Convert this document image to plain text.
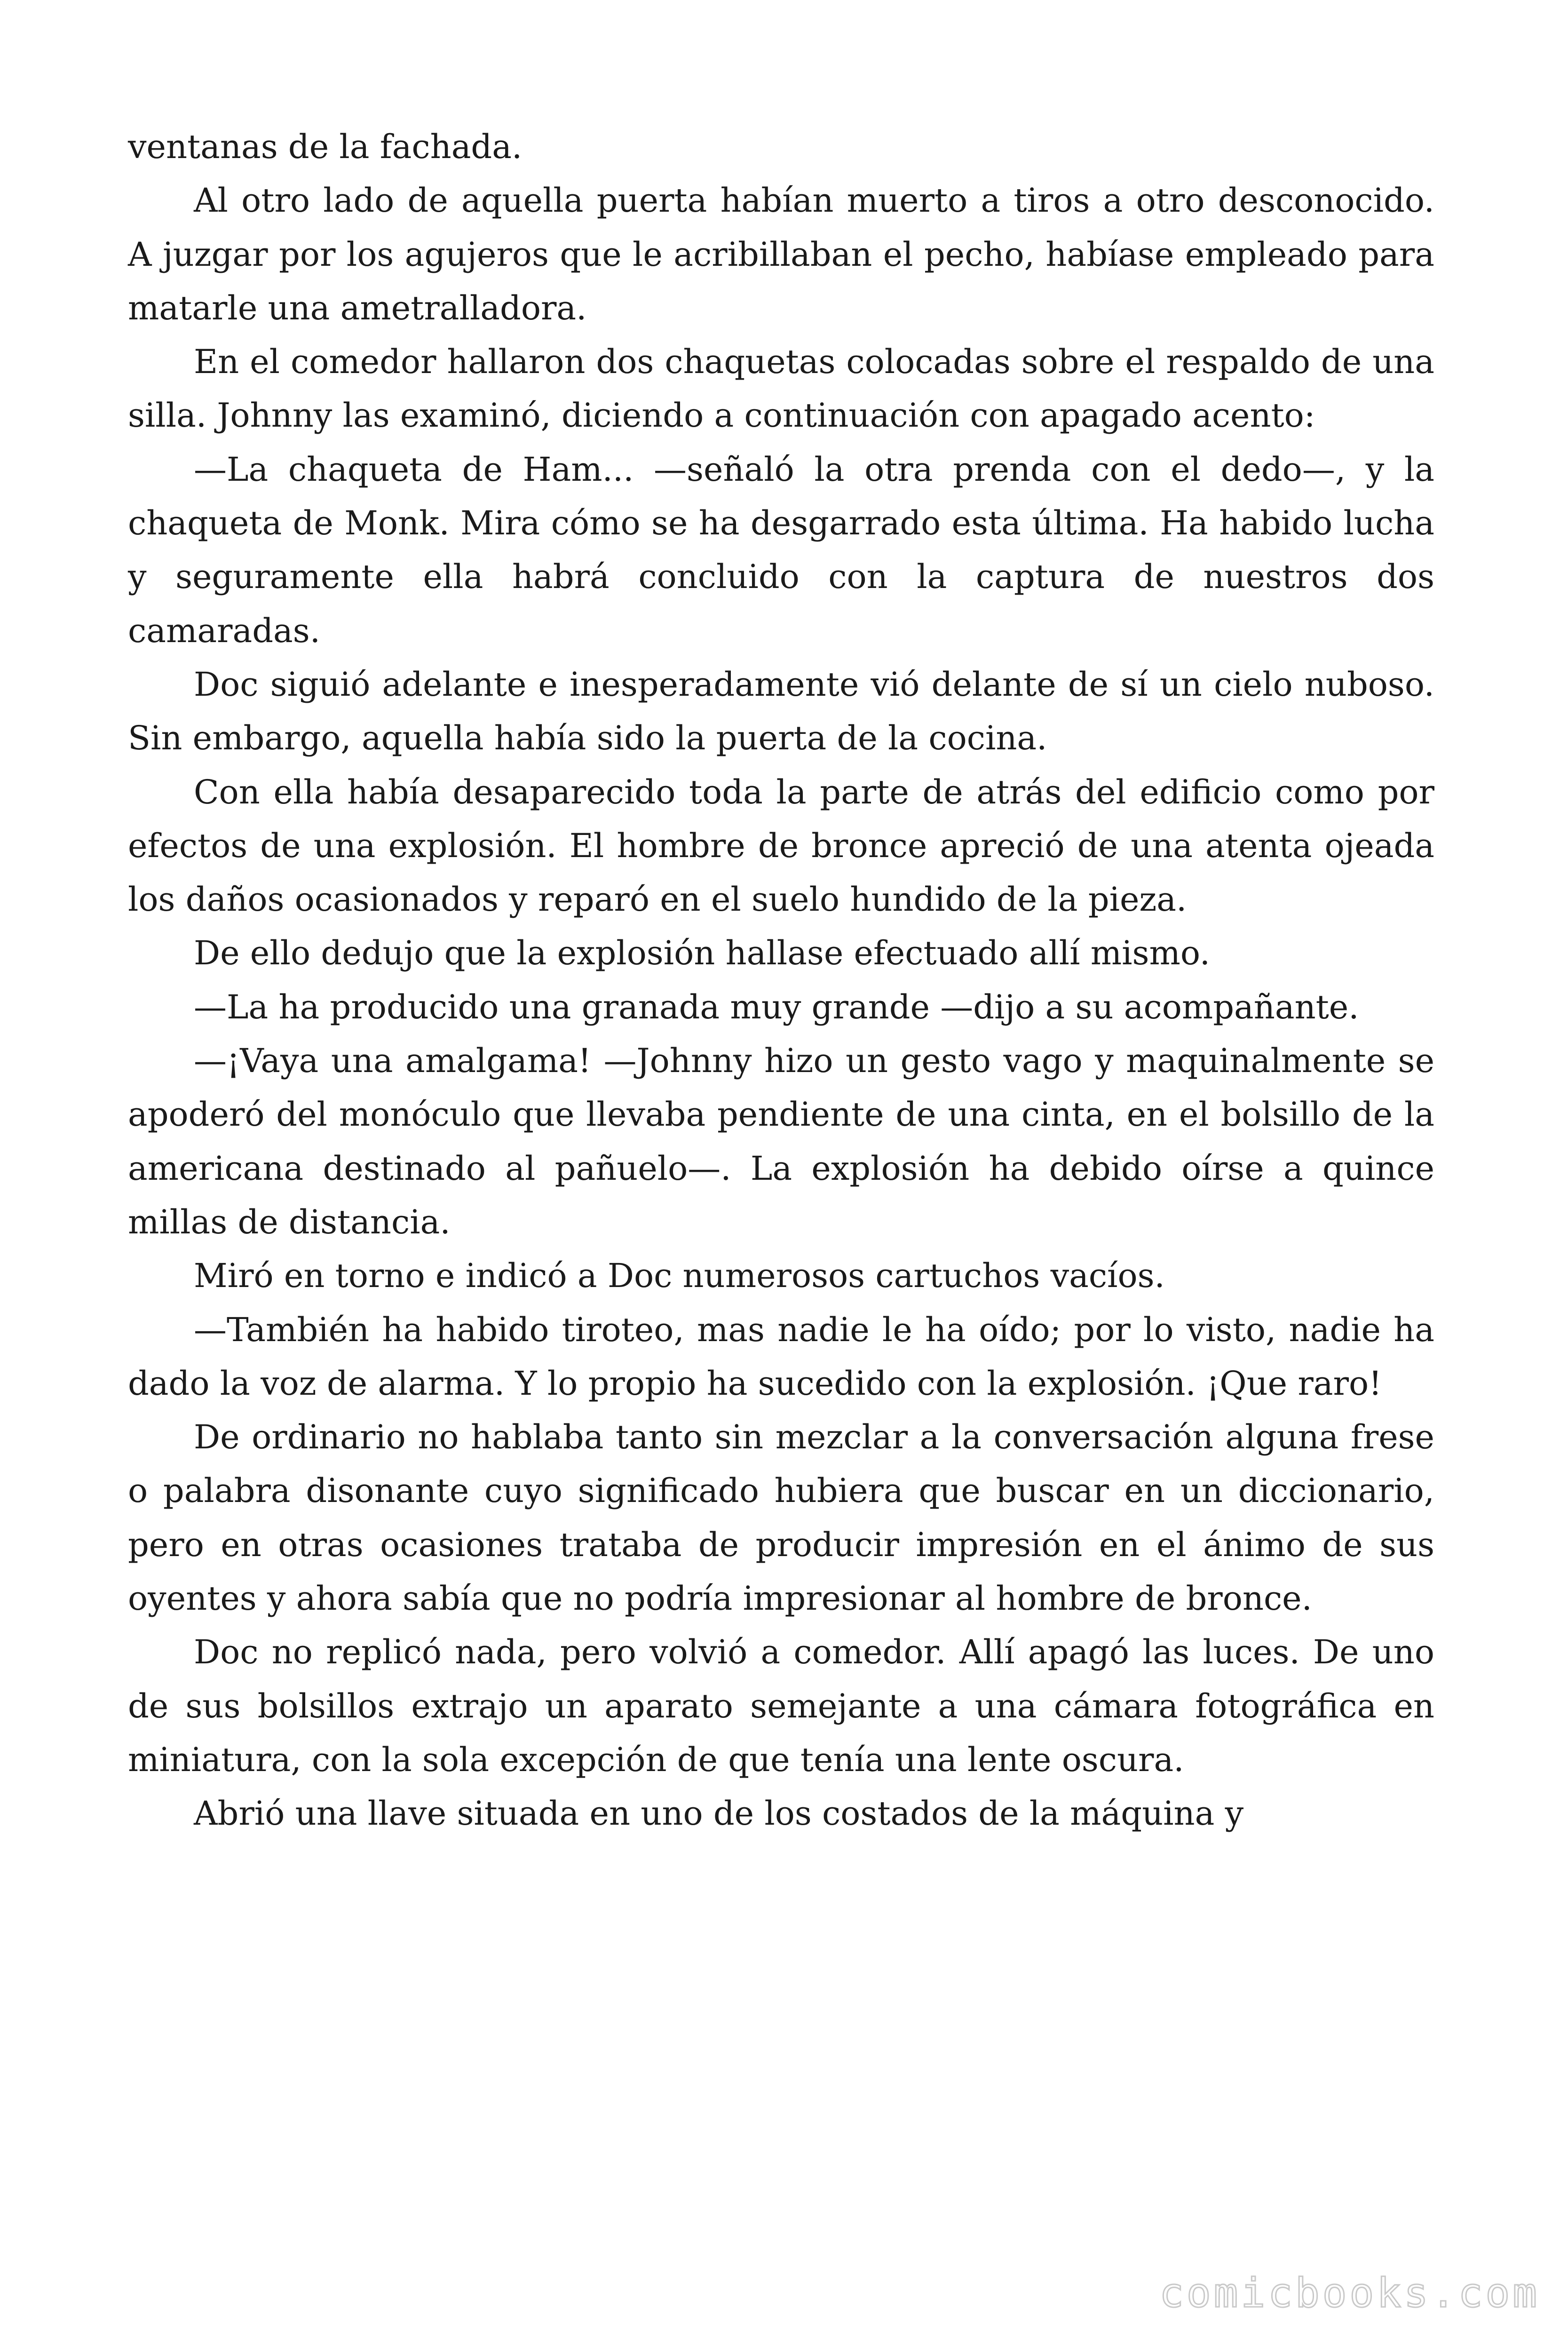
ventanas de la fachada.

Al otro lado de aquella puerta habían muerto a tiros a otro desconocido. A juzgar por los agujeros que le acribillaban el pecho, habíase empleado para matarle una ametralladora.

En el comedor hallaron dos chaquetas colocadas sobre el respaldo de una silla. Johnny las examinó, diciendo a continuación con apagado acento:

—La chaqueta de Ham... —señaló la otra prenda con el dedo—, y la chaqueta de Monk. Mira cómo se ha desgarrado esta última. Ha habido lucha y seguramente ella habrá concluido con la captura de nuestros dos camaradas.

Doc siguió adelante e inesperadamente vió delante de sí un cielo nuboso. Sin embargo, aquella había sido la puerta de la cocina.

Con ella había desaparecido toda la parte de atrás del edificio como por efectos de una explosión. El hombre de bronce apreció de una atenta ojeada los daños ocasionados y reparó en el suelo hundido de la pieza.

De ello dedujo que la explosión hallase efectuado allí mismo.

—La ha producido una granada muy grande —dijo a su acompañante.

—¡Vaya una amalgama! —Johnny hizo un gesto vago y maquinalmente se apoderó del monóculo que llevaba pendiente de una cinta, en el bolsillo de la americana destinado al pañuelo—. La explosión ha debido oírse a quince millas de distancia.

Miró en torno e indicó a Doc numerosos cartuchos vacíos.

—También ha habido tiroteo, mas nadie le ha oído; por lo visto, nadie ha dado la voz de alarma. Y lo propio ha sucedido con la explosión. ¡Que raro!

De ordinario no hablaba tanto sin mezclar a la conversación alguna frese o palabra disonante cuyo significado hubiera que buscar en un diccionario, pero en otras ocasiones trataba de producir impresión en el ánimo de sus oyentes y ahora sabía que no podría impresionar al hombre de bronce.

Doc no replicó nada, pero volvió a comedor. Allí apagó las luces. De uno de sus bolsillos extrajo un aparato semejante a una cámara fotográfica en miniatura, con la sola excepción de que tenía una lente oscura.

Abrió una llave situada en uno de los costados de la máquina y

comicbooks.com
